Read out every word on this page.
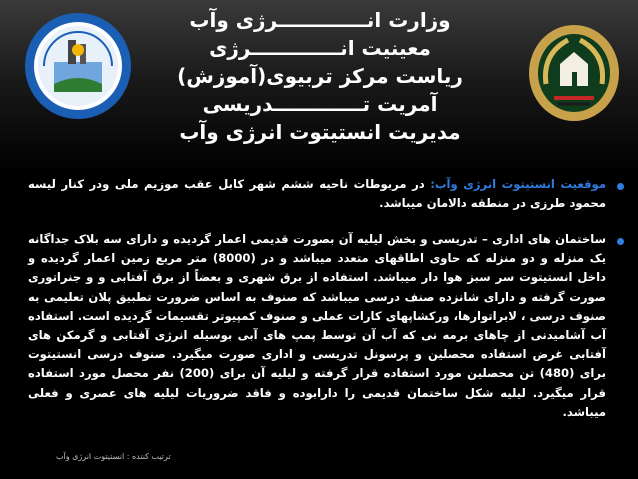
وزارت انـــــــــــــرژی وآب
معینیت انـــــــــــــرژی
ریاست مرکز تربیوی(آموزش)
آمریت تـــــــــــــدریسی
مدیریت انستیتوت انرژی وآب
موقعیت انستیتوت انرژی وآب: در مربوطات ناحیه ششم شهر کابل عقب موزیم ملی ودر کنار لیسه محمود طرزی در منطقه دالامان میباشد.
ساختمان های اداری – تدریسی و بخش لیلیه آن بصورت قدیمی اعمار گردیده و دارای سه بلاک جداگانه یک منزله و دو منزله که حاوی اطاقهای متعدد میباشد و در (8000) متر مربع زمین اعمار گردیده و داخل انستیتوت سر سبز هوا دار میباشد. استفاده از برق شهری و بعضاً از برق آفتابی و و جنراتوری صورت گرفته و دارای شانزده صنف درسی میباشد که صنوف به اساس ضرورت تطبیق پلان تعلیمی به صنوف درسی ، لابراتوارها، ورکشاپهای کارات عملی و صنوف کمپیوتر تقسیمات گردیده است. استفاده آب آشامیدنی از چاهای برمه نی که آب آن توسط پمپ های آبی بوسیله انرژی آفتابی و گرمکن های آفتابی غرض استفاده محصلین و پرسونل تدریسی و اداری صورت میگیرد. صنوف درسی انستیتوت برای (480) تن محصلین مورد استفاده قرار گرفته و لیلیه آن برای (200) نفر محصل مورد استفاده قرار میگیرد. لیلیه شکل ساختمان قدیمی را دارابوده و فاقد ضروریات لیلیه های عصری و فعلی میباشد.
ترتیب کننده : انستیتوت انرژی وآب
